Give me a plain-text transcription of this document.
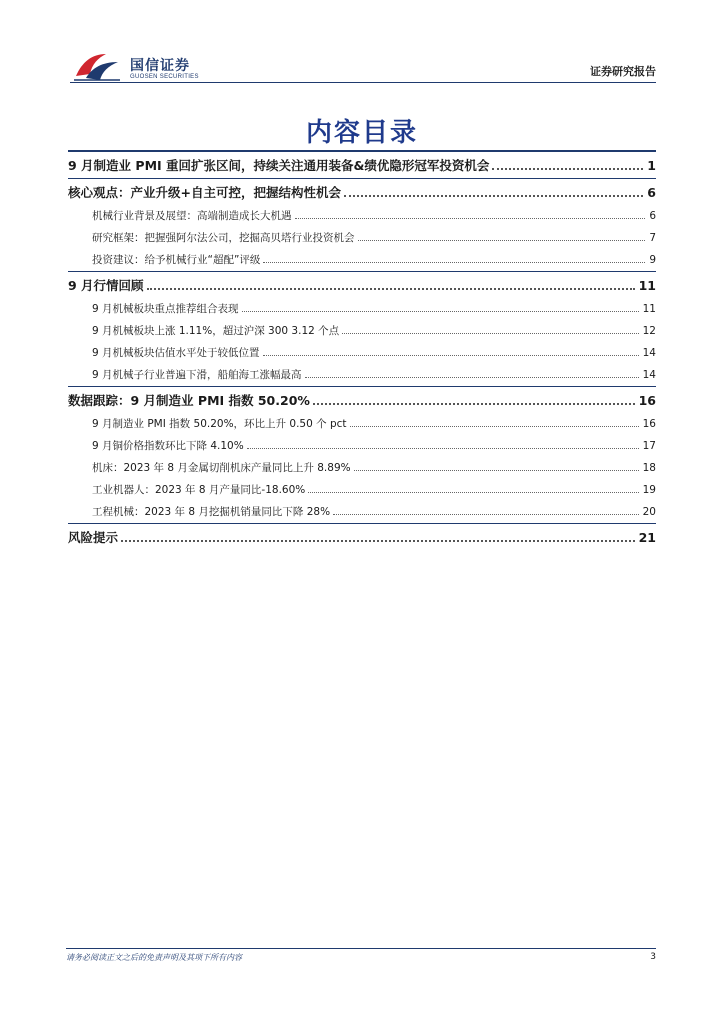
国信证券
GUOSEN SECURITIES	证券研究报告
内容目录
9 月制造业 PMI 重回扩张区间，持续关注通用装备&绩优隐形冠军投资机会	1
核心观点：产业升级+自主可控，把握结构性机会	6
机械行业背景及展望：高端制造成长大机遇	6
研究框架：把握强阿尔法公司，挖掘高贝塔行业投资机会	7
投资建议：给予机械行业“超配”评级	9
9 月行情回顾	11
9 月机械板块重点推荐组合表现	11
9 月机械板块上涨 1.11%，超过沪深 300 3.12 个点	12
9 月机械板块估值水平处于较低位置	14
9 月机械子行业普遍下滑，船舶海工涨幅最高	14
数据跟踪：9 月制造业 PMI 指数 50.20%	16
9 月制造业 PMI 指数 50.20%，环比上升 0.50 个 pct	16
9 月铜价格指数环比下降 4.10%	17
机床：2023 年 8 月金属切削机床产量同比上升 8.89%	18
工业机器人：2023 年 8 月产量同比-18.60%	19
工程机械：2023 年 8 月挖掘机销量同比下降 28%	20
风险提示	21
请务必阅读正文之后的免责声明及其项下所有内容	3
